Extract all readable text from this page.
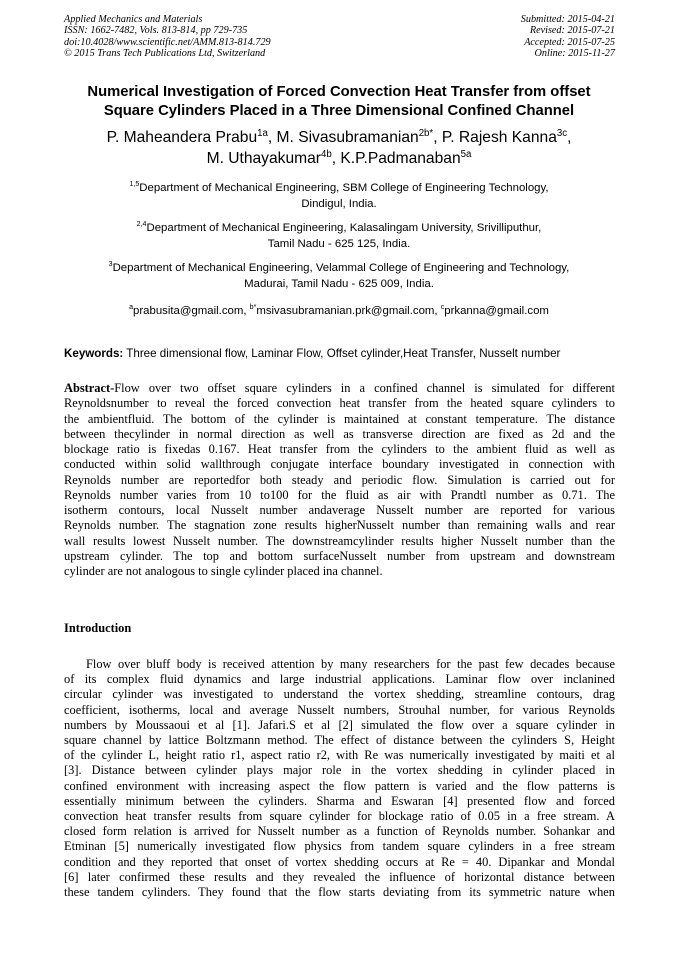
Applied Mechanics and Materials
ISSN: 1662-7482, Vols. 813-814, pp 729-735
doi:10.4028/www.scientific.net/AMM.813-814.729
© 2015 Trans Tech Publications Ltd, Switzerland
Submitted: 2015-04-21
Revised: 2015-07-21
Accepted: 2015-07-25
Online: 2015-11-27
Numerical Investigation of Forced Convection Heat Transfer from offset
Square Cylinders Placed in a Three Dimensional Confined Channel
P. Maheandera Prabu$^{1a}$, M. Sivasubramanian$^{2b*}$, P. Rajesh Kanna$^{3c}$,
M. Uthayakumar$^{4b}$, K.P.Padmanaban$^{5a}$
$^{1,5}$Department of Mechanical Engineering, SBM College of Engineering Technology,
Dindigul, India.
$^{2,4}$Department of Mechanical Engineering, Kalasalingam University, Srivilliputhur,
Tamil Nadu - 625 125, India.
$^3$Department of Mechanical Engineering, Velammal College of Engineering and Technology,
Madurai, Tamil Nadu - 625 009, India.
$^a$prabusita@gmail.com, $^{b*}$msivasubramanian.prk@gmail.com, $^c$prkanna@gmail.com
Keywords: Three dimensional flow, Laminar Flow, Offset cylinder,Heat Transfer, Nusselt number
Abstract-Flow over two offset square cylinders in a confined channel is simulated for different
Reynoldsnumber to reveal the forced convection heat transfer from the heated square cylinders to
the ambientfluid. The bottom of the cylinder is maintained at constant temperature. The distance
between thecylinder in normal direction as well as transverse direction are fixed as 2d and the
blockage ratio is fixedas 0.167. Heat transfer from the cylinders to the ambient fluid as well as
conducted within solid wallthrough conjugate interface boundary investigated in connection with
Reynolds number are reportedfor both steady and periodic flow. Simulation is carried out for
Reynolds number varies from 10 to100 for the fluid as air with Prandtl number as 0.71. The
isotherm contours, local Nusselt number andaverage Nusselt number are reported for various
Reynolds number. The stagnation zone results higherNusselt number than remaining walls and rear
wall results lowest Nusselt number. The downstreamcylinder results higher Nusselt number than the
upstream cylinder. The top and bottom surfaceNusselt number from upstream and downstream
cylinder are not analogous to single cylinder placed ina channel.
Introduction
Flow over bluff body is received attention by many researchers for the past few decades because
of its complex fluid dynamics and large industrial applications. Laminar flow over inclanined
circular cylinder was investigated to understand the vortex shedding, streamline contours, drag
coefficient, isotherms, local and average Nusselt numbers, Strouhal number, for various Reynolds
numbers by Moussaoui et al [1]. Jafari.S et al [2] simulated the flow over a square cylinder in
square channel by lattice Boltzmann method. The effect of distance between the cylinders S, Height
of the cylinder L, height ratio r1, aspect ratio r2, with Re was numerically investigated by maiti et al
[3]. Distance between cylinder plays major role in the vortex shedding in cylinder placed in
confined environment with increasing aspect the flow pattern is varied and the flow patterns is
essentially minimum between the cylinders. Sharma and Eswaran [4] presented flow and forced
convection heat transfer results from square cylinder for blockage ratio of 0.05 in a free stream. A
closed form relation is arrived for Nusselt number as a function of Reynolds number. Sohankar and
Etminan [5] numerically investigated flow physics from tandem square cylinders in a free stream
condition and they reported that onset of vortex shedding occurs at Re = 40. Dipankar and Mondal
[6] later confirmed these results and they revealed the influence of horizontal distance between
these tandem cylinders. They found that the flow starts deviating from its symmetric nature when
